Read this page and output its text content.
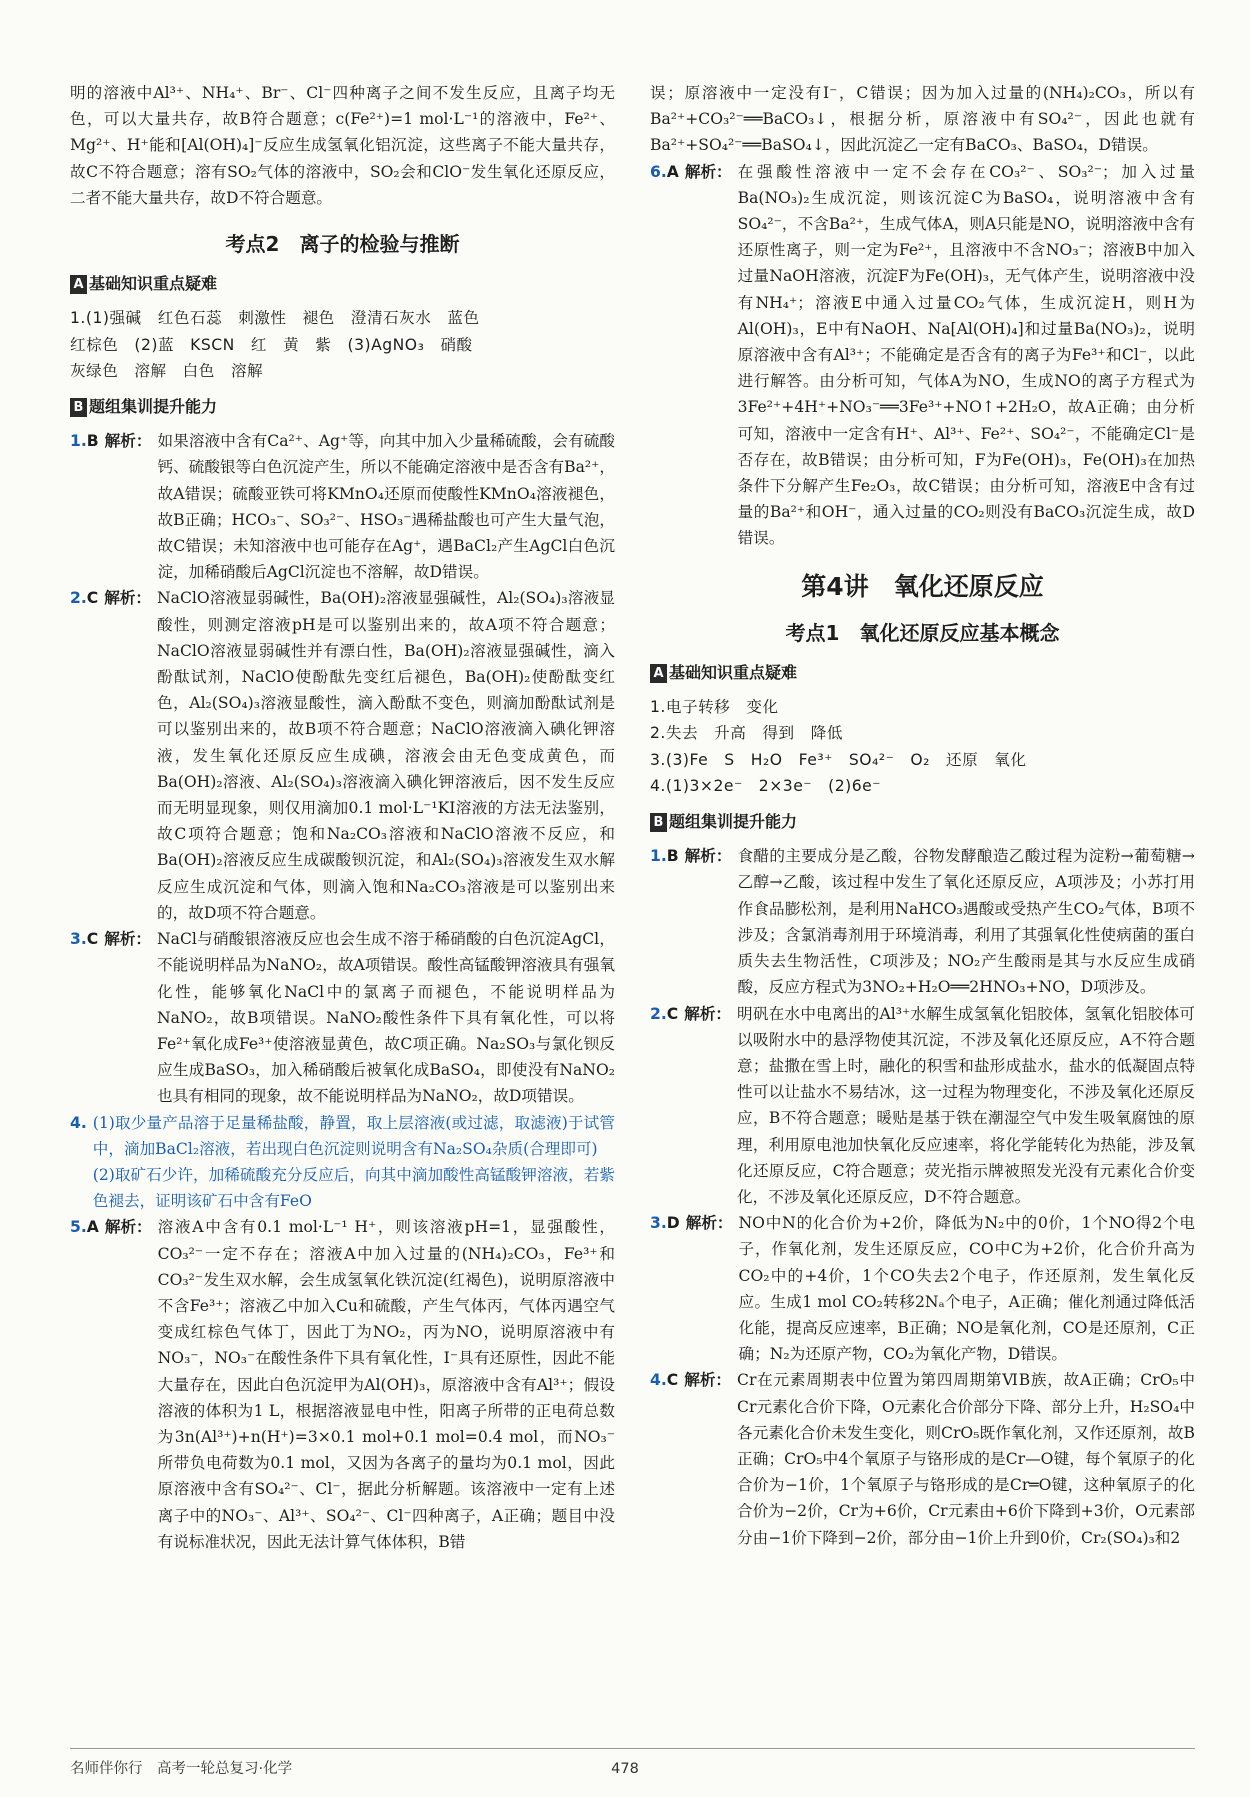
明的溶液中Al³⁺、NH₄⁺、Br⁻、Cl⁻四种离子之间不发生反应，且离子均无色，可以大量共存，故B符合题意；c(Fe²⁺)=1 mol·L⁻¹的溶液中，Fe²⁺、Mg²⁺、H⁺能和[Al(OH)₄]⁻反应生成氢氧化铝沉淀，这些离子不能大量共存，故C不符合题意；溶有SO₂气体的溶液中，SO₂会和ClO⁻发生氧化还原反应，二者不能大量共存，故D不符合题意。

考点2　离子的检验与推断
A 基础知识重点疑难

1.(1)强碱　红色石蕊　刺激性　褪色　澄清石灰水　蓝色

红棕色　(2)蓝　KSCN　红　黄　紫　(3)AgNO₃　硝酸

灰绿色　溶解　白色　溶解

B 题组集训提升能力
1.B 解析： 如果溶液中含有Ca²⁺、Ag⁺等，向其中加入少量稀硫酸，会有硫酸钙、硫酸银等白色沉淀产生，所以不能确定溶液中是否含有Ba²⁺，故A错误；硫酸亚铁可将KMnO₄还原而使酸性KMnO₄溶液褪色，故B正确；HCO₃⁻、SO₃²⁻、HSO₃⁻遇稀盐酸也可产生大量气泡，故C错误；未知溶液中也可能存在Ag⁺，遇BaCl₂产生AgCl白色沉淀，加稀硝酸后AgCl沉淀也不溶解，故D错误。
2.C 解析： NaClO溶液显弱碱性，Ba(OH)₂溶液显强碱性，Al₂(SO₄)₃溶液显酸性，则测定溶液pH是可以鉴别出来的，故A项不符合题意；NaClO溶液显弱碱性并有漂白性，Ba(OH)₂溶液显强碱性，滴入酚酞试剂，NaClO使酚酞先变红后褪色，Ba(OH)₂使酚酞变红色，Al₂(SO₄)₃溶液显酸性，滴入酚酞不变色，则滴加酚酞试剂是可以鉴别出来的，故B项不符合题意；NaClO溶液滴入碘化钾溶液，发生氧化还原反应生成碘，溶液会由无色变成黄色，而Ba(OH)₂溶液、Al₂(SO₄)₃溶液滴入碘化钾溶液后，因不发生反应而无明显现象，则仅用滴加0.1 mol·L⁻¹KI溶液的方法无法鉴别，故C项符合题意；饱和Na₂CO₃溶液和NaClO溶液不反应，和Ba(OH)₂溶液反应生成碳酸钡沉淀，和Al₂(SO₄)₃溶液发生双水解反应生成沉淀和气体，则滴入饱和Na₂CO₃溶液是可以鉴别出来的，故D项不符合题意。
3.C 解析： NaCl与硝酸银溶液反应也会生成不溶于稀硝酸的白色沉淀AgCl，不能说明样品为NaNO₂，故A项错误。酸性高锰酸钾溶液具有强氧化性，能够氧化NaCl中的氯离子而褪色，不能说明样品为NaNO₂，故B项错误。NaNO₂酸性条件下具有氧化性，可以将Fe²⁺氧化成Fe³⁺使溶液显黄色，故C项正确。Na₂SO₃与氯化钡反应生成BaSO₃，加入稀硝酸后被氧化成BaSO₄，即使没有NaNO₂也具有相同的现象，故不能说明样品为NaNO₂，故D项错误。
4. (1)取少量产品溶于足量稀盐酸，静置，取上层溶液(或过滤，取滤液)于试管中，滴加BaCl₂溶液，若出现白色沉淀则说明含有Na₂SO₄杂质(合理即可)
(2)取矿石少许，加稀硫酸充分反应后，向其中滴加酸性高锰酸钾溶液，若紫色褪去，证明该矿石中含有FeO
5.A 解析： 溶液A中含有0.1 mol·L⁻¹ H⁺，则该溶液pH=1，显强酸性，CO₃²⁻一定不存在；溶液A中加入过量的(NH₄)₂CO₃，Fe³⁺和CO₃²⁻发生双水解，会生成氢氧化铁沉淀(红褐色)，说明原溶液中不含Fe³⁺；溶液乙中加入Cu和硫酸，产生气体丙，气体丙遇空气变成红棕色气体丁，因此丁为NO₂，丙为NO，说明原溶液中有NO₃⁻，NO₃⁻在酸性条件下具有氧化性，I⁻具有还原性，因此不能大量存在，因此白色沉淀甲为Al(OH)₃，原溶液中含有Al³⁺；假设溶液的体积为1 L，根据溶液显电中性，阳离子所带的正电荷总数为3n(Al³⁺)+n(H⁺)=3×0.1 mol+0.1 mol=0.4 mol，而NO₃⁻所带负电荷数为0.1 mol，又因为各离子的量均为0.1 mol，因此原溶液中含有SO₄²⁻、Cl⁻，据此分析解题。该溶液中一定有上述离子中的NO₃⁻、Al³⁺、SO₄²⁻、Cl⁻四种离子，A正确；题目中没有说标准状况，因此无法计算气体体积，B错

误；原溶液中一定没有I⁻，C错误；因为加入过量的(NH₄)₂CO₃，所以有Ba²⁺+CO₃²⁻══BaCO₃↓，根据分析，原溶液中有SO₄²⁻，因此也就有Ba²⁺+SO₄²⁻══BaSO₄↓，因此沉淀乙一定有BaCO₃、BaSO₄，D错误。

6.A 解析： 在强酸性溶液中一定不会存在CO₃²⁻、SO₃²⁻；加入过量Ba(NO₃)₂生成沉淀，则该沉淀C为BaSO₄，说明溶液中含有SO₄²⁻，不含Ba²⁺，生成气体A，则A只能是NO，说明溶液中含有还原性离子，则一定为Fe²⁺，且溶液中不含NO₃⁻；溶液B中加入过量NaOH溶液，沉淀F为Fe(OH)₃，无气体产生，说明溶液中没有NH₄⁺；溶液E中通入过量CO₂气体，生成沉淀H，则H为Al(OH)₃，E中有NaOH、Na[Al(OH)₄]和过量Ba(NO₃)₂，说明原溶液中含有Al³⁺；不能确定是否含有的离子为Fe³⁺和Cl⁻，以此进行解答。由分析可知，气体A为NO，生成NO的离子方程式为3Fe²⁺+4H⁺+NO₃⁻══3Fe³⁺+NO↑+2H₂O，故A正确；由分析可知，溶液中一定含有H⁺、Al³⁺、Fe²⁺、SO₄²⁻，不能确定Cl⁻是否存在，故B错误；由分析可知，F为Fe(OH)₃，Fe(OH)₃在加热条件下分解产生Fe₂O₃，故C错误；由分析可知，溶液E中含有过量的Ba²⁺和OH⁻，通入过量的CO₂则没有BaCO₃沉淀生成，故D错误。
第4讲　氧化还原反应
考点1　氧化还原反应基本概念
A 基础知识重点疑难

1.电子转移　变化

2.失去　升高　得到　降低

3.(3)Fe　S　H₂O　Fe³⁺　SO₄²⁻　O₂　还原　氧化

4.(1)3×2e⁻　2×3e⁻　(2)6e⁻

B 题组集训提升能力
1.B 解析： 食醋的主要成分是乙酸，谷物发酵酿造乙酸过程为淀粉→葡萄糖→乙醇→乙酸，该过程中发生了氧化还原反应，A项涉及；小苏打用作食品膨松剂，是利用NaHCO₃遇酸或受热产生CO₂气体，B项不涉及；含氯消毒剂用于环境消毒，利用了其强氧化性使病菌的蛋白质失去生物活性，C项涉及；NO₂产生酸雨是其与水反应生成硝酸，反应方程式为3NO₂+H₂O══2HNO₃+NO，D项涉及。
2.C 解析： 明矾在水中电离出的Al³⁺水解生成氢氧化铝胶体，氢氧化铝胶体可以吸附水中的悬浮物使其沉淀，不涉及氧化还原反应，A不符合题意；盐撒在雪上时，融化的积雪和盐形成盐水，盐水的低凝固点特性可以让盐水不易结冰，这一过程为物理变化，不涉及氧化还原反应，B不符合题意；暖贴是基于铁在潮湿空气中发生吸氧腐蚀的原理，利用原电池加快氧化反应速率，将化学能转化为热能，涉及氧化还原反应，C符合题意；荧光指示牌被照发光没有元素化合价变化，不涉及氧化还原反应，D不符合题意。
3.D 解析： NO中N的化合价为+2价，降低为N₂中的0价，1个NO得2个电子，作氧化剂，发生还原反应，CO中C为+2价，化合价升高为CO₂中的+4价，1个CO失去2个电子，作还原剂，发生氧化反应。生成1 mol CO₂转移2Nₐ个电子，A正确；催化剂通过降低活化能，提高反应速率，B正确；NO是氧化剂，CO是还原剂，C正确；N₂为还原产物，CO₂为氧化产物，D错误。
4.C 解析： Cr在元素周期表中位置为第四周期第ⅥB族，故A正确；CrO₅中Cr元素化合价下降，O元素化合价部分下降、部分上升，H₂SO₄中各元素化合价未发生变化，则CrO₅既作氧化剂，又作还原剂，故B正确；CrO₅中4个氧原子与铬形成的是Cr—O键，每个氧原子的化合价为−1价，1个氧原子与铬形成的是Cr═O键，这种氧原子的化合价为−2价，Cr为+6价，Cr元素由+6价下降到+3价，O元素部分由−1价下降到−2价，部分由−1价上升到0价，Cr₂(SO₄)₃和2
名师伴你行　高考一轮总复习·化学	478
